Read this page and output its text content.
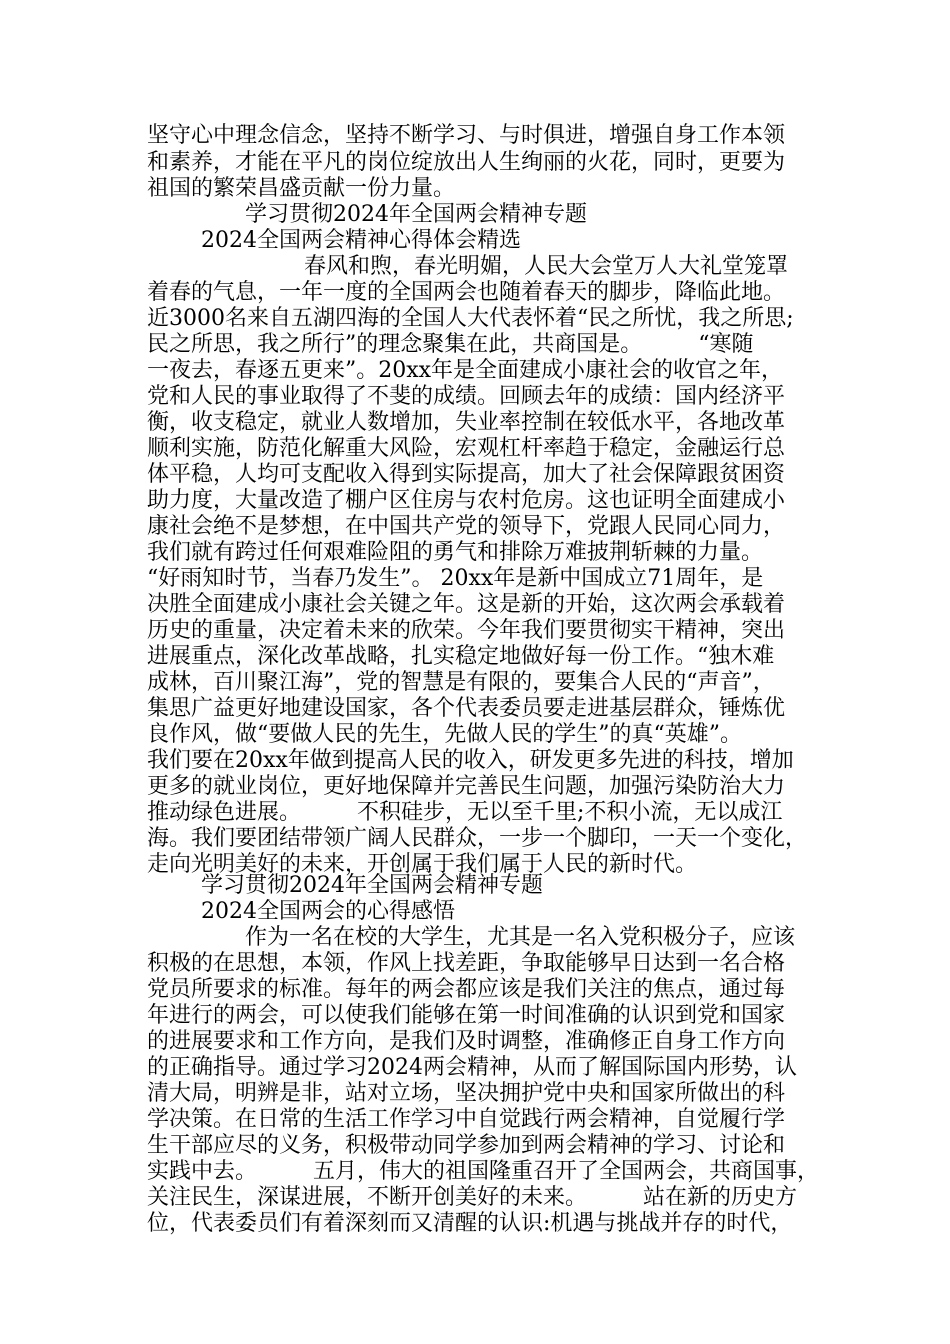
坚守心中理念信念，坚持不断学习、与时俱进，增强自身工作本领

和素养，才能在平凡的岗位绽放出人生绚丽的火花，同时，更要为

祖国的繁荣昌盛贡献一份力量。

学习贯彻2024年全国两会精神专题

2024全国两会精神心得体会精选

春风和煦，春光明媚，人民大会堂万人大礼堂笼罩

着春的气息，一年一度的全国两会也随着春天的脚步，降临此地。

近3000名来自五湖四海的全国人大代表怀着“民之所忧，我之所思;

民之所思，我之所行”的理念聚集在此，共商国是。        “寒随

一夜去，春逐五更来”。20xx年是全面建成小康社会的收官之年，

党和人民的事业取得了不斐的成绩。回顾去年的成绩：国内经济平

衡，收支稳定，就业人数增加，失业率控制在较低水平，各地改革

顺利实施，防范化解重大风险，宏观杠杆率趋于稳定，金融运行总

体平稳，人均可支配收入得到实际提高，加大了社会保障跟贫困资

助力度，大量改造了棚户区住房与农村危房。这也证明全面建成小

康社会绝不是梦想，在中国共产党的领导下，党跟人民同心同力，

我们就有跨过任何艰难险阻的勇气和排除万难披荆斩棘的力量。

“好雨知时节，当春乃发生”。 20xx年是新中国成立71周年，是

决胜全面建成小康社会关键之年。这是新的开始，这次两会承载着

历史的重量，决定着未来的欣荣。今年我们要贯彻实干精神，突出

进展重点，深化改革战略，扎实稳定地做好每一份工作。“独木难

成林，百川聚江海”，党的智慧是有限的，要集合人民的“声音”，

集思广益更好地建设国家，各个代表委员要走进基层群众，锤炼优

良作风，做“要做人民的先生，先做人民的学生”的真“英雄”。

我们要在20xx年做到提高人民的收入，研发更多先进的科技，增加

更多的就业岗位，更好地保障并完善民生问题，加强污染防治大力

推动绿色进展。        不积硅步，无以至千里;不积小流，无以成江

海。我们要团结带领广阔人民群众，一步一个脚印，一天一个变化，

走向光明美好的未来，开创属于我们属于人民的新时代。

学习贯彻2024年全国两会精神专题

2024全国两会的心得感悟

作为一名在校的大学生，尤其是一名入党积极分子，应该

积极的在思想，本领，作风上找差距，争取能够早日达到一名合格

党员所要求的标准。每年的两会都应该是我们关注的焦点，通过每

年进行的两会，可以使我们能够在第一时间准确的认识到党和国家

的进展要求和工作方向，是我们及时调整，准确修正自身工作方向

的正确指导。通过学习2024两会精神，从而了解国际国内形势，认

清大局，明辨是非，站对立场，坚决拥护党中央和国家所做出的科

学决策。在日常的生活工作学习中自觉践行两会精神，自觉履行学

生干部应尽的义务，积极带动同学参加到两会精神的学习、讨论和

实践中去。        五月，伟大的祖国隆重召开了全国两会，共商国事，

关注民生，深谋进展，不断开创美好的未来。        站在新的历史方

位，代表委员们有着深刻而又清醒的认识:机遇与挑战并存的时代，
